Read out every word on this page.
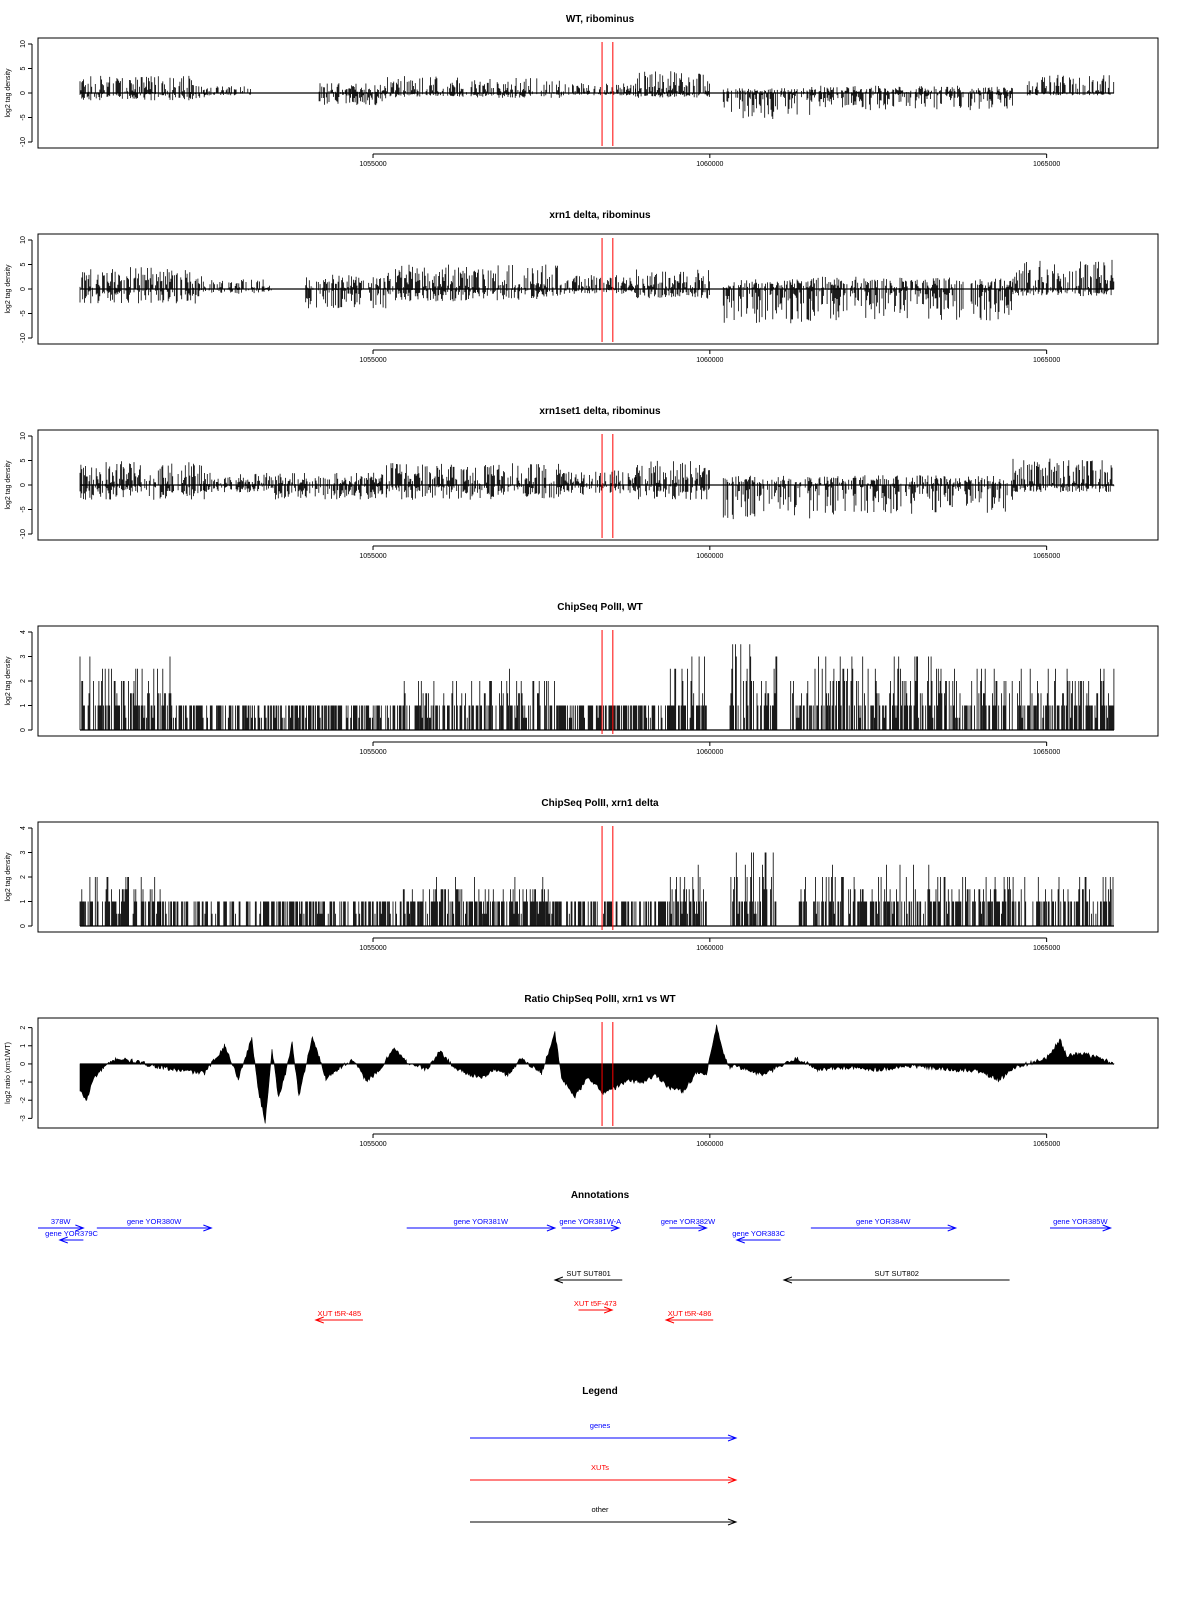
WT, ribominus
log2 tag density
-10
-5
0
5
10
1055000	1060000	1065000
xrn1 delta, ribominus
log2 tag density
-10
-5
0
5
10
1055000	1060000	1065000
xrn1set1 delta, ribominus
log2 tag density
-10
-5
0
5
10
1055000	1060000	1065000
ChipSeq PolII, WT
log2 tag density
0
1
2
3
4
1055000	1060000	1065000
ChipSeq PolII, xrn1 delta
log2 tag density
0
1
2
3
4
1055000	1060000	1065000
Ratio ChipSeq PolII, xrn1 vs WT
log2 ratio (xrn1/WT)
-3
-2
-1
0
1
2
1055000	1060000	1065000
Annotations
378W
gene YOR379C
gene YOR380W	gene YOR381W	gene YOR381W-A	gene YOR382W
gene YOR383C
gene YOR384W	gene YOR385W
SUT SUT801	SUT SUT802
XUT t5R-485
XUT t5F-473
XUT t5R-486
Legend
genes
XUTs
other
